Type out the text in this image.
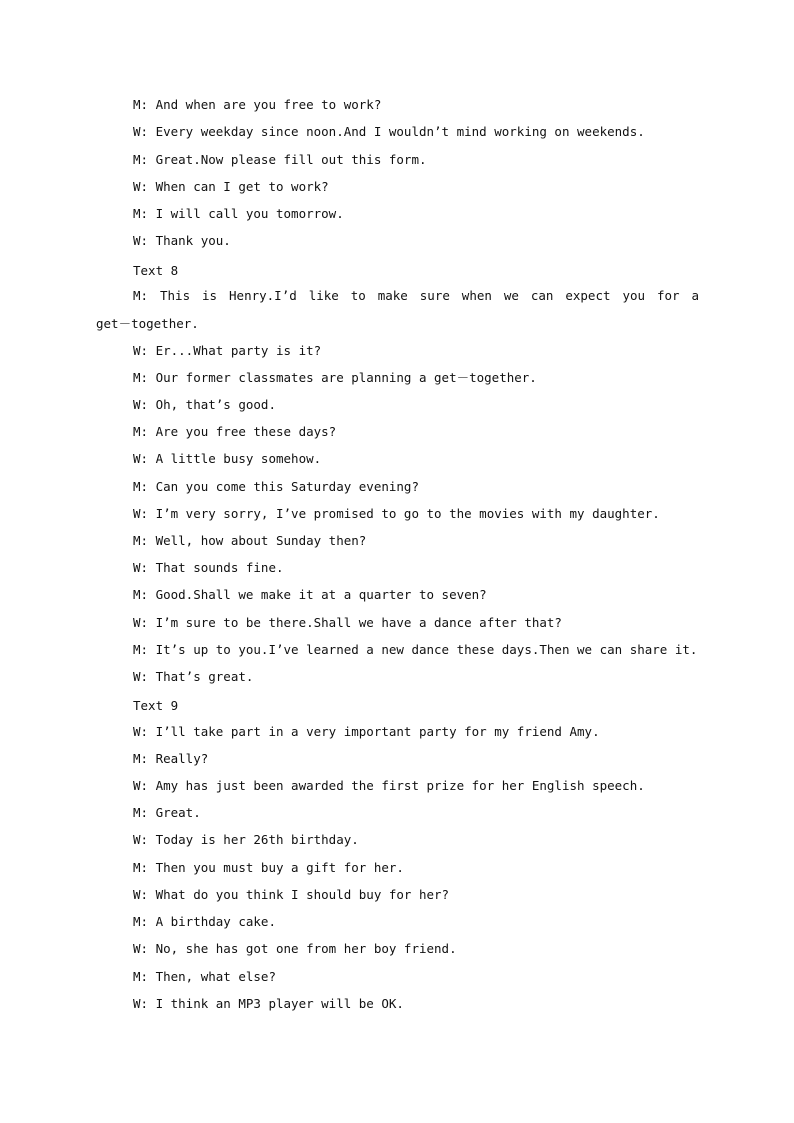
M: And when are you free to work?
W: Every weekday since noon.And I wouldn’t mind working on weekends.
M: Great.Now please fill out this form.
W: When can I get to work?
M: I will call you tomorrow.
W: Thank you.
Text 8
M: This is Henry.I’d like to make sure when we can expect you for a
get－together.
W: Er...What party is it?
M: Our former classmates are planning a get－together.
W: Oh, that’s good.
M: Are you free these days?
W: A little busy somehow.
M: Can you come this Saturday evening?
W: I’m very sorry, I’ve promised to go to the movies with my daughter.
M: Well, how about Sunday then?
W: That sounds fine.
M: Good.Shall we make it at a quarter to seven?
W: I’m sure to be there.Shall we have a dance after that?
M: It’s up to you.I’ve learned a new dance these days.Then we can share it.
W: That’s great.
Text 9
W: I’ll take part in a very important party for my friend Amy.
M: Really?
W: Amy has just been awarded the first prize for her English speech.
M: Great.
W: Today is her 26th birthday.
M: Then you must buy a gift for her.
W: What do you think I should buy for her?
M: A birthday cake.
W: No, she has got one from her boy friend.
M: Then, what else?
W: I think an MP3 player will be OK.
